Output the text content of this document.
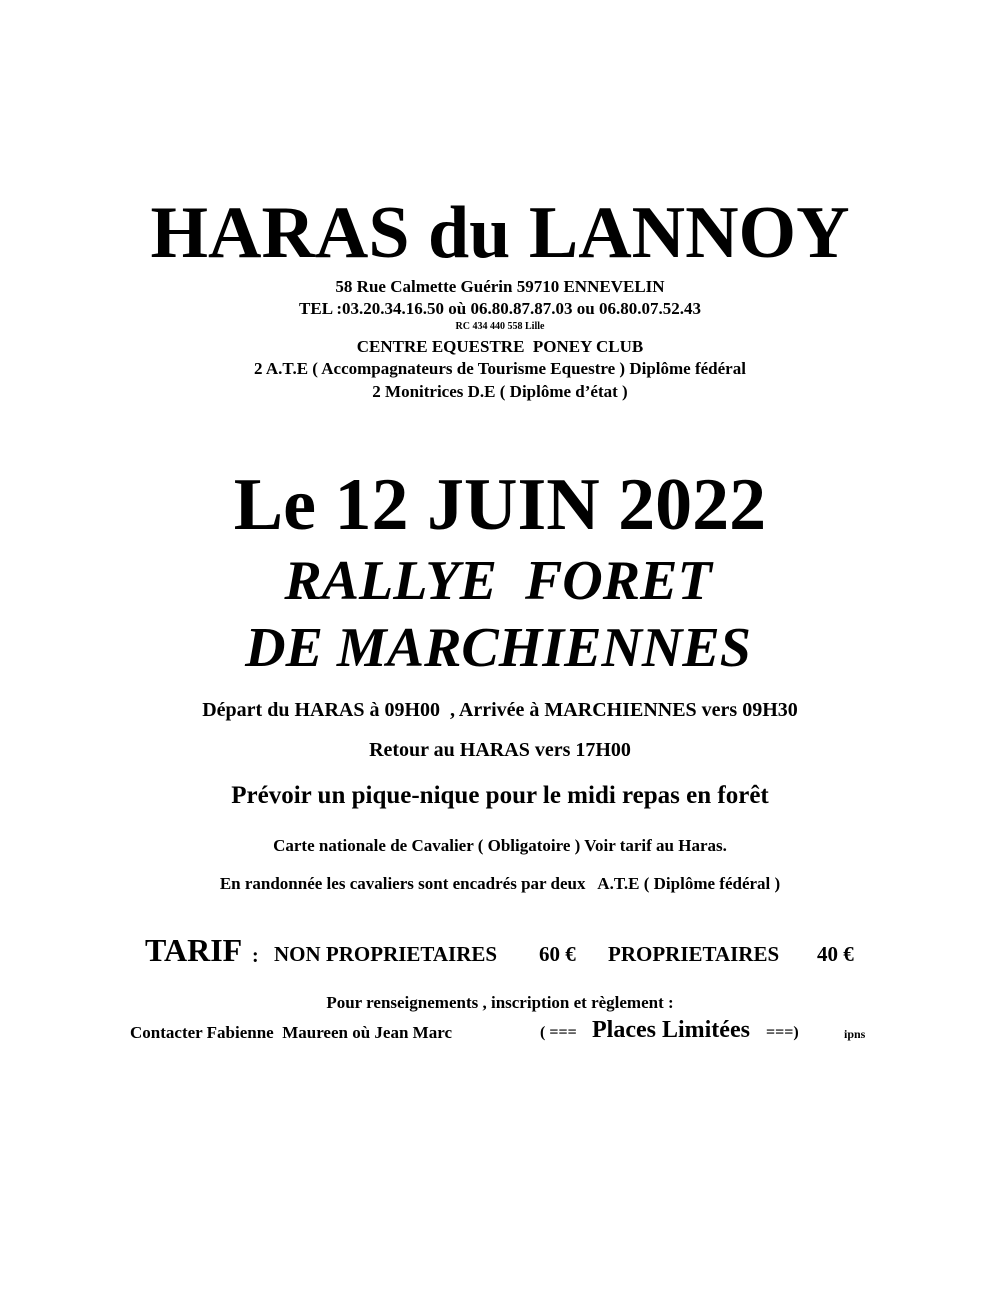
HARAS du LANNOY
58 Rue Calmette Guérin 59710 ENNEVELIN
TEL :03.20.34.16.50 où 06.80.87.87.03 ou 06.80.07.52.43
RC 434 440 558 Lille
CENTRE EQUESTRE  PONEY CLUB
2 A.T.E ( Accompagnateurs de Tourisme Equestre ) Diplôme fédéral
2 Monitrices D.E ( Diplôme d’état )
Le 12 JUIN 2022
RALLYE  FORET
DE MARCHIENNES
Départ du HARAS à 09H00  , Arrivée à MARCHIENNES vers 09H30
Retour au HARAS vers 17H00
Prévoir un pique-nique pour le midi repas en forêt
Carte nationale de Cavalier ( Obligatoire ) Voir tarif au Haras.
En randonnée les cavaliers sont encadrés par deux   A.T.E ( Diplôme fédéral )
TARIF : NON PROPRIETAIRES 60 € PROPRIETAIRES 40 €
Pour renseignements , inscription et règlement :
Contacter Fabienne  Maureen où Jean Marc	( === Places Limitées ===)	ipns
